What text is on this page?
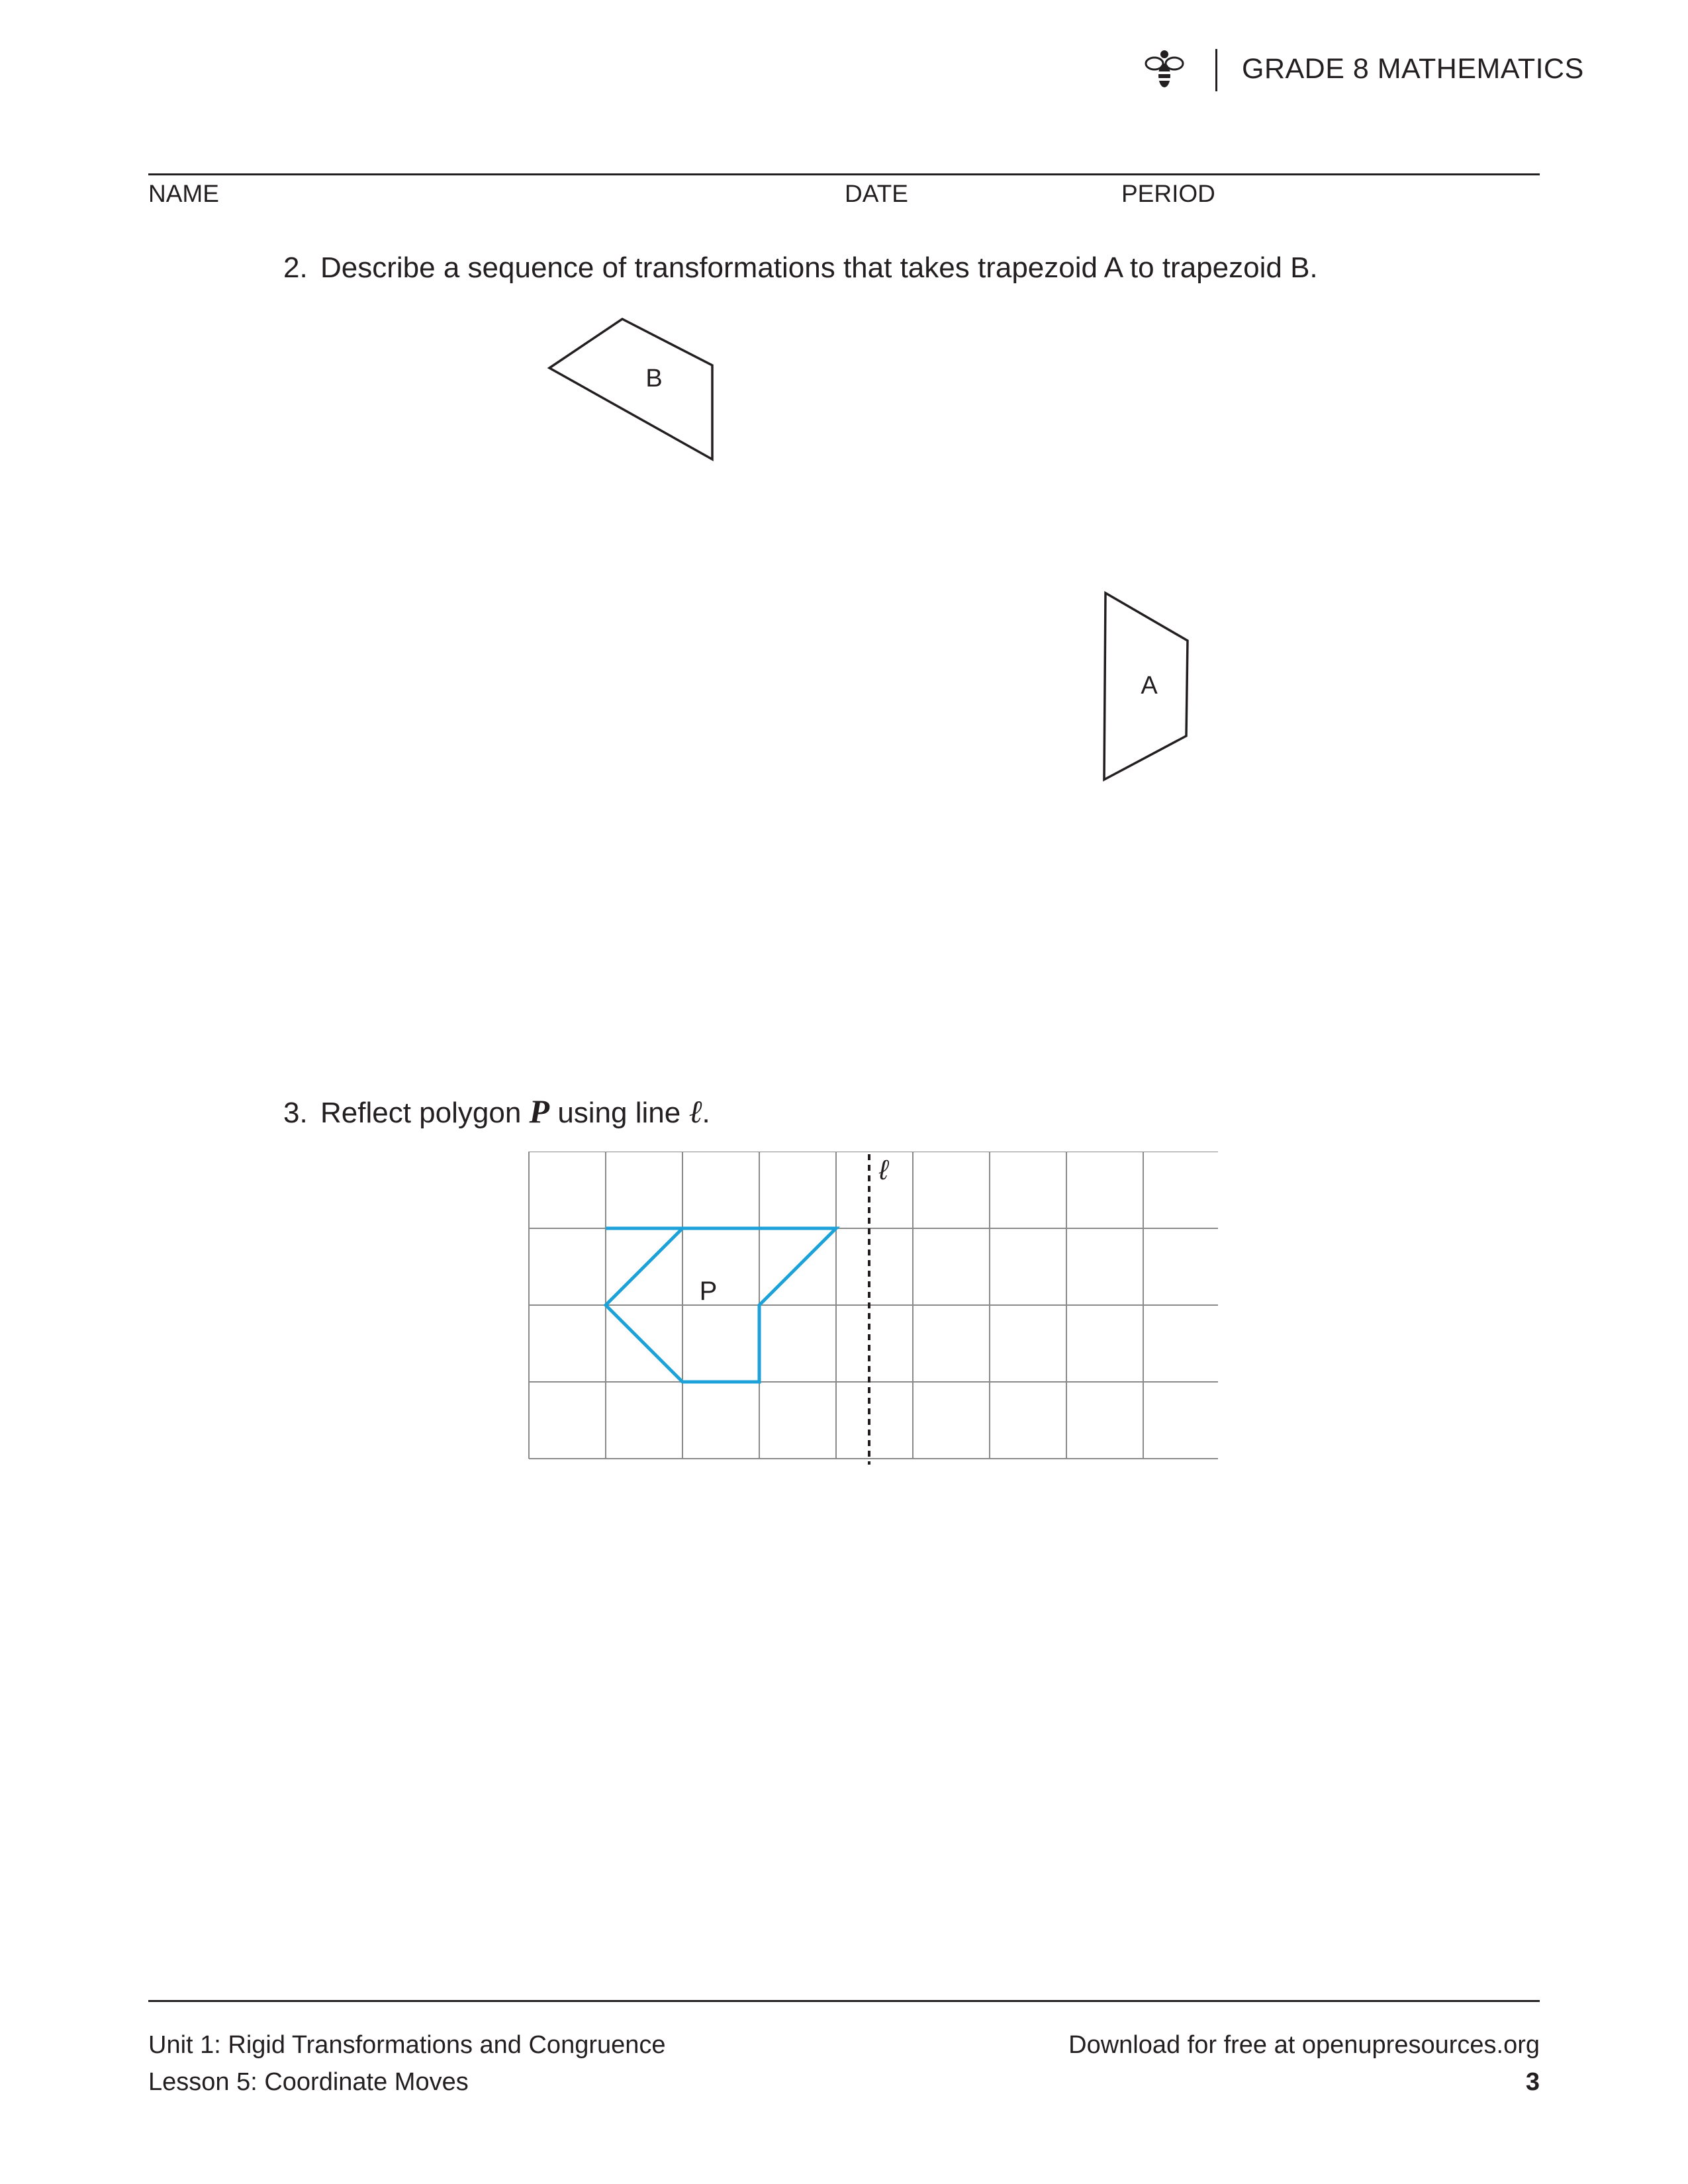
GRADE 8 MATHEMATICS
NAME	DATE	PERIOD
2. Describe a sequence of transformations that takes trapezoid A to trapezoid B.
B
A
3. Reflect polygon P using line ℓ.
ℓ
P
Unit 1: Rigid Transformations and Congruence
Lesson 5: Coordinate Moves
Download for free at openupresources.org
3
